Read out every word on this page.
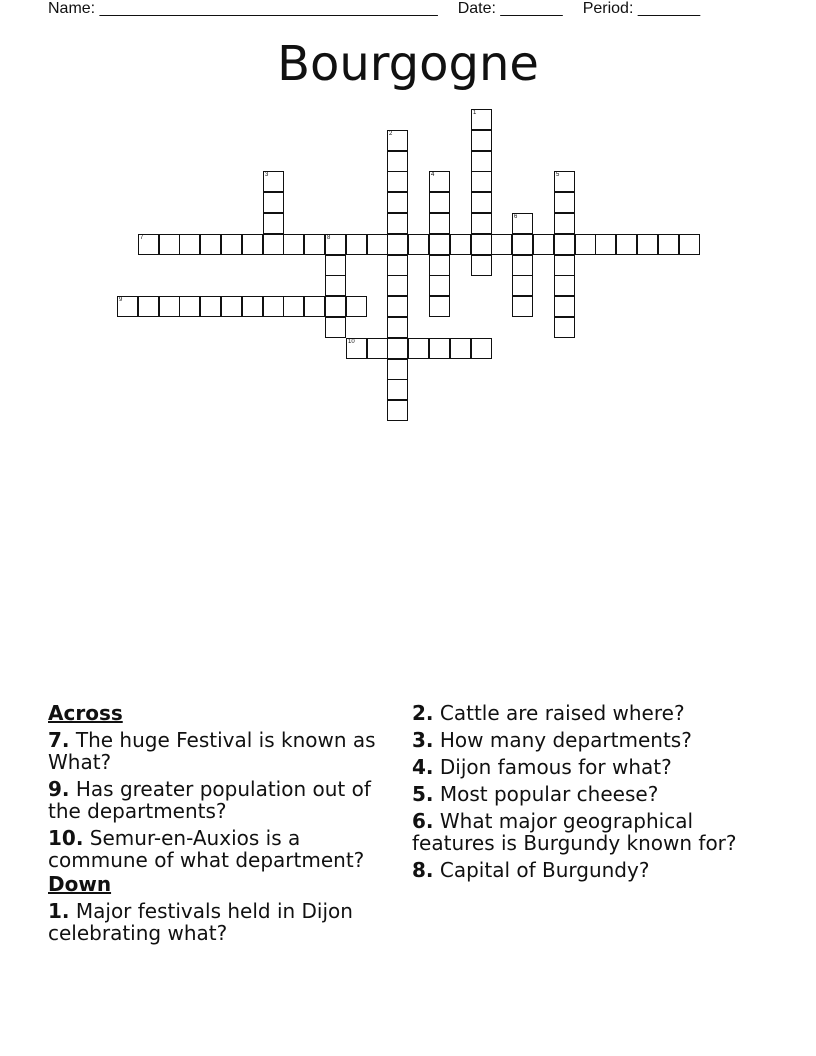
Name: ______________________________________ Date: _______ Period: _______
Bourgogne
1
2
3	4	5
6
7	8
9
10
Across
7. The huge Festival is known as What?
9. Has greater population out of the departments?
10. Semur-en-Auxios is a commune of what department?
Down
1. Major festivals held in Dijon celebrating what?
2. Cattle are raised where?
3. How many departments?
4. Dijon famous for what?
5. Most popular cheese?
6. What major geographical features is Burgundy known for?
8. Capital of Burgundy?
